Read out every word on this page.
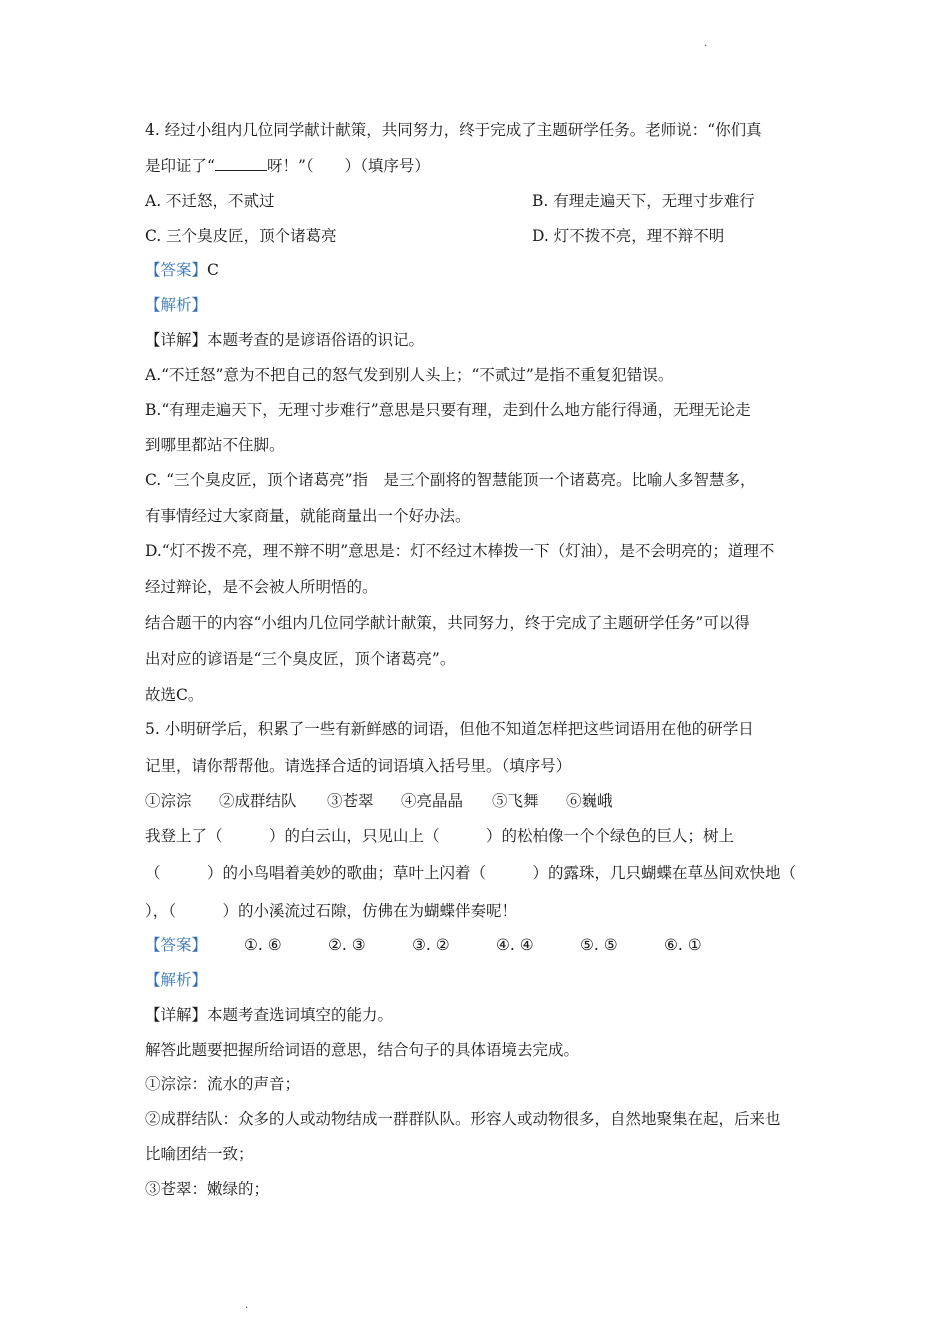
.
4. 经过小组内几位同学献计献策，共同努力，终于完成了主题研学任务。老师说：“你们真
是印证了“	呀！”（　　）（填序号）
A. 不迁怒，不贰过	B. 有理走遍天下，无理寸步难行
C. 三个臭皮匠，顶个诸葛亮	D. 灯不拨不亮，理不辩不明
【答案】C
【解析】
【详解】本题考查的是谚语俗语的识记。
A.“不迁怒”意为不把自己的怒气发到别人头上；“不贰过”是指不重复犯错误。
B.“有理走遍天下，无理寸步难行”意思是只要有理，走到什么地方能行得通，无理无论走
到哪里都站不住脚。
C. “三个臭皮匠，顶个诸葛亮”指　是三个副将的智慧能顶一个诸葛亮。比喻人多智慧多，
有事情经过大家商量，就能商量出一个好办法。
D.“灯不拨不亮，理不辩不明”意思是：灯不经过木棒拨一下（灯油），是不会明亮的；道理不
经过辩论，是不会被人所明悟的。
结合题干的内容“小组内几位同学献计献策，共同努力，终于完成了主题研学任务”可以得
出对应的谚语是“三个臭皮匠，顶个诸葛亮”。
故选C。
5. 小明研学后，积累了一些有新鲜感的词语，但他不知道怎样把这些词语用在他的研学日
记里，请你帮帮他。请选择合适的词语填入括号里。（填序号）
①淙淙 ②成群结队 ③苍翠 ④亮晶晶 ⑤飞舞 ⑥巍峨
我登上了（　　　）的白云山，只见山上（　　　）的松柏像一个个绿色的巨人；树上
（　　　）的小鸟唱着美妙的歌曲；草叶上闪着（　　　）的露珠，几只蝴蝶在草丛间欢快地（
），（　　　）的小溪流过石隙，仿佛在为蝴蝶伴奏呢！
【答案】 ①. ⑥	②. ③	③. ②	④. ④	⑤. ⑤	⑥. ①
【解析】
【详解】本题考查选词填空的能力。
解答此题要把握所给词语的意思，结合句子的具体语境去完成。
①淙淙：流水的声音；
②成群结队：众多的人或动物结成一群群队队。形容人或动物很多，自然地聚集在起，后来也
比喻团结一致；
③苍翠：嫩绿的；
.
